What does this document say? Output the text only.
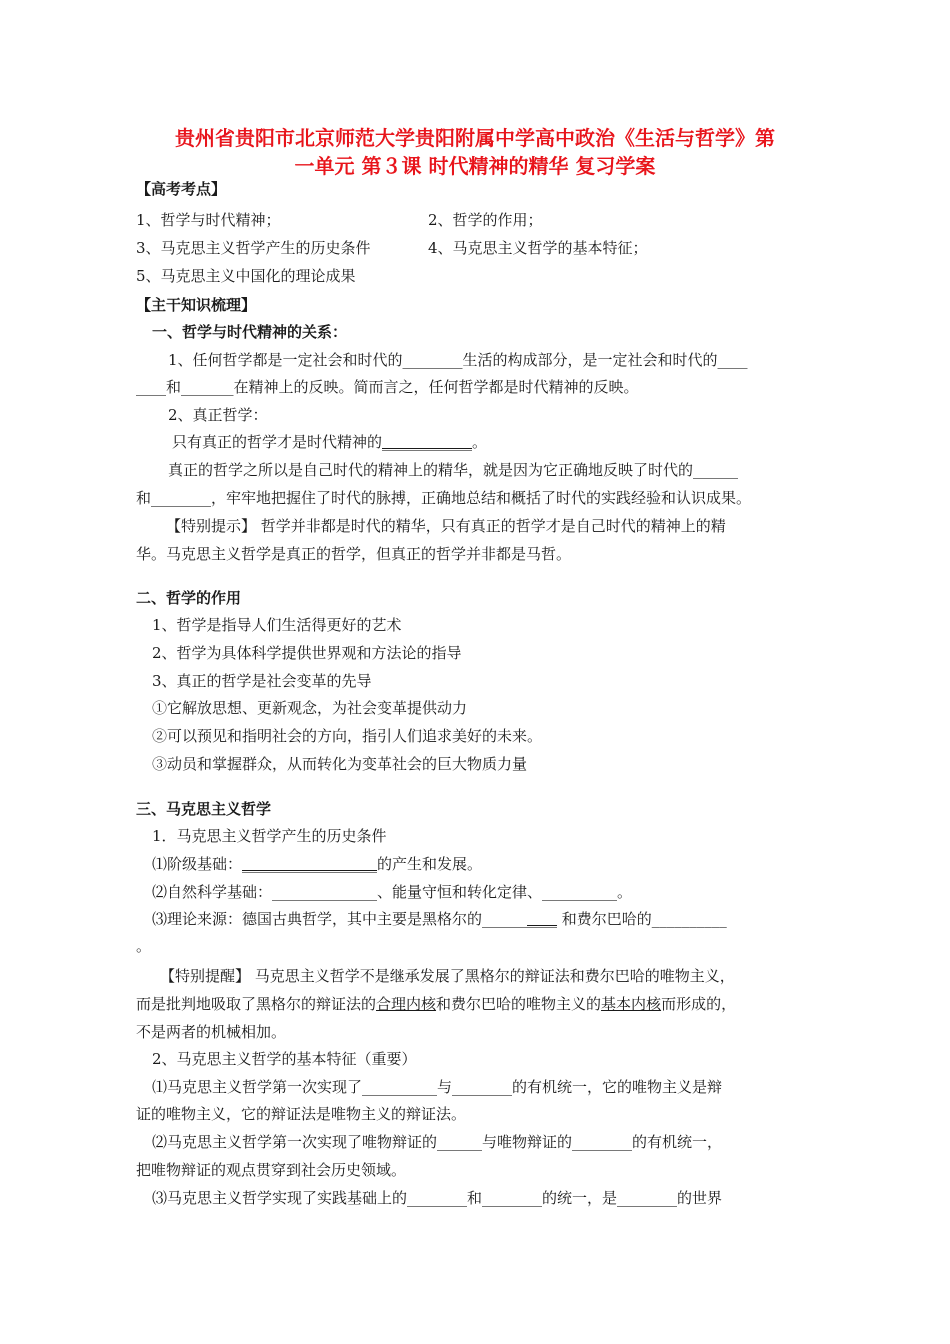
贵州省贵阳市北京师范大学贵阳附属中学高中政治《生活与哲学》第
一单元 第３课 时代精神的精华 复习学案
【高考考点】
1、哲学与时代精神；	2、哲学的作用；
3、马克思主义哲学产生的历史条件	4、马克思主义哲学的基本特征；
5、马克思主义中国化的理论成果
【主干知识梳理】
一、哲学与时代精神的关系：
1、任何哲学都是一定社会和时代的________生活的构成部分，是一定社会和时代的____
____和_______在精神上的反映。简而言之，任何哲学都是时代精神的反映。
2、真正哲学：
只有真正的哲学才是时代精神的____________。
真正的哲学之所以是自己时代的精神上的精华，就是因为它正确地反映了时代的______
和________，牢牢地把握住了时代的脉搏，正确地总结和概括了时代的实践经验和认识成果。
【特别提示】 哲学并非都是时代的精华，只有真正的哲学才是自己时代的精神上的精
华。马克思主义哲学是真正的哲学，但真正的哲学并非都是马哲。
二、哲学的作用
1、哲学是指导人们生活得更好的艺术
2、哲学为具体科学提供世界观和方法论的指导
3、真正的哲学是社会变革的先导
①它解放思想、更新观念，为社会变革提供动力
②可以预见和指明社会的方向，指引人们追求美好的未来。
③动员和掌握群众，从而转化为变革社会的巨大物质力量
三、马克思主义哲学
1．马克思主义哲学产生的历史条件
⑴阶级基础：__________________的产生和发展。
⑵自然科学基础：______________、能量守恒和转化定律、__________。
⑶理论来源：德国古典哲学，其中主要是黑格尔的__________ 和费尔巴哈的__________
。
【特别提醒】 马克思主义哲学不是继承发展了黑格尔的辩证法和费尔巴哈的唯物主义，
而是批判地吸取了黑格尔的辩证法的合理内核和费尔巴哈的唯物主义的基本内核而形成的，
不是两者的机械相加。
2、马克思主义哲学的基本特征（重要）
⑴马克思主义哲学第一次实现了__________与________的有机统一，它的唯物主义是辩
证的唯物主义，它的辩证法是唯物主义的辩证法。
⑵马克思主义哲学第一次实现了唯物辩证的______与唯物辩证的________的有机统一，
把唯物辩证的观点贯穿到社会历史领域。
⑶马克思主义哲学实现了实践基础上的________和________的统一，是________的世界
